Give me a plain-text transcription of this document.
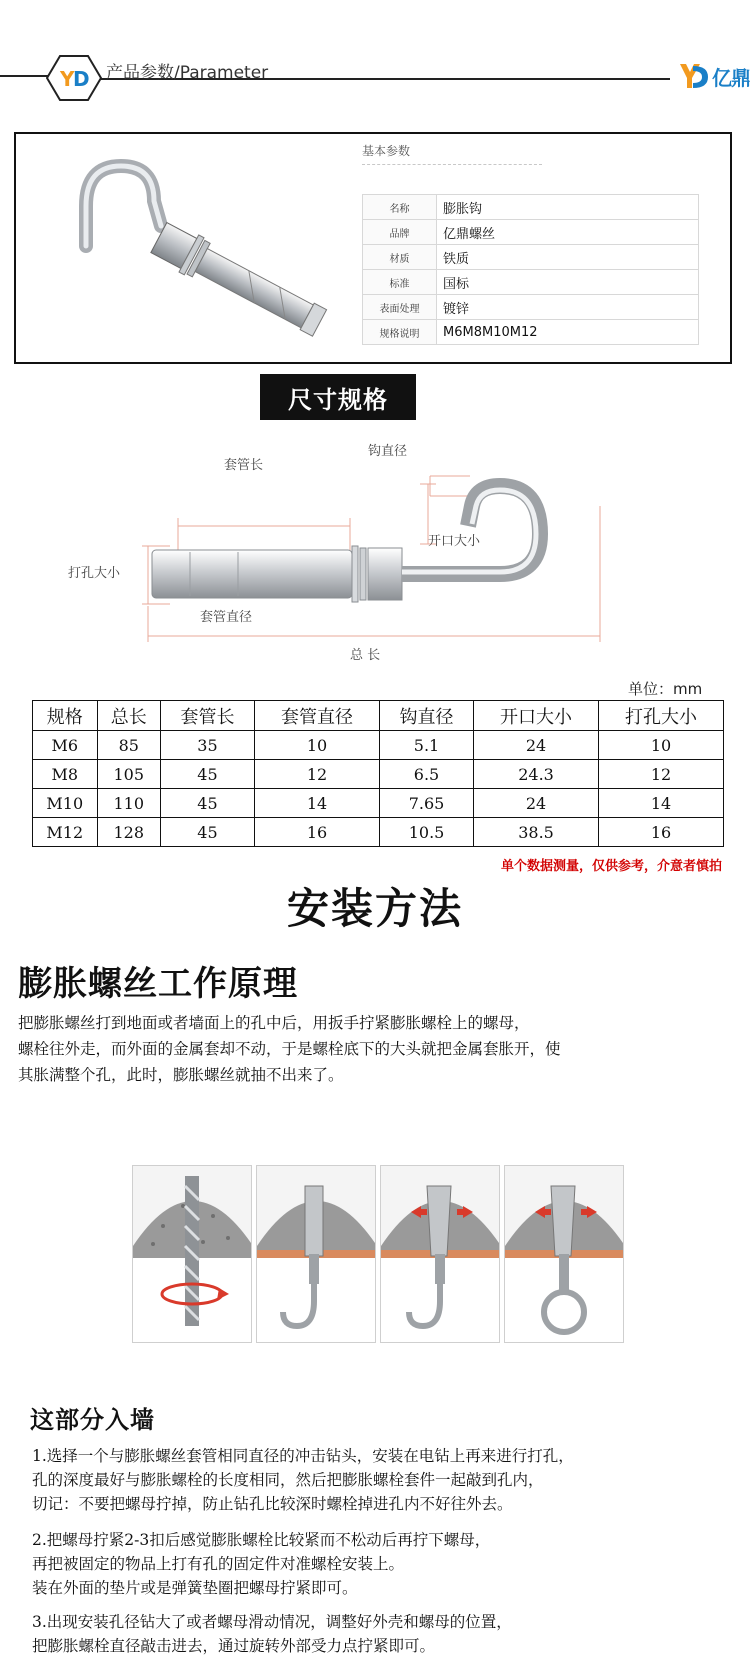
Y
D 产品参数/Parameter	亿鼎
基本参数
名称	膨胀钩
品牌	亿鼎螺丝
材质	铁质
标准	国标
表面处理	镀锌
规格说明	M6M8M10M12
尺寸规格
套管长
钩直径
开口大小
打孔大小
套管直径
总 长
单位：mm
规格	总长	套管长	套管直径	钩直径	开口大小	打孔大小
M6	85	35	10	5.1	24	10
M8	105	45	12	6.5	24.3	12
M10	110	45	14	7.65	24	14
M12	128	45	16	10.5	38.5	16
单个数据测量，仅供参考，介意者慎拍
安装方法
膨胀螺丝工作原理
把膨胀螺丝打到地面或者墙面上的孔中后，用扳手拧紧膨胀螺栓上的螺母，
螺栓往外走，而外面的金属套却不动，于是螺栓底下的大头就把金属套胀开，使
其胀满整个孔，此时，膨胀螺丝就抽不出来了。
这部分入墙
1.选择一个与膨胀螺丝套管相同直径的冲击钻头，安装在电钻上再来进行打孔，
孔的深度最好与膨胀螺栓的长度相同，然后把膨胀螺栓套件一起敲到孔内，
切记：不要把螺母拧掉，防止钻孔比较深时螺栓掉进孔内不好往外去。
2.把螺母拧紧2-3扣后感觉膨胀螺栓比较紧而不松动后再拧下螺母，
再把被固定的物品上打有孔的固定件对准螺栓安装上。
装在外面的垫片或是弹簧垫圈把螺母拧紧即可。
3.出现安装孔径钻大了或者螺母滑动情况，调整好外壳和螺母的位置，
把膨胀螺栓直径敲击进去，通过旋转外部受力点拧紧即可。
